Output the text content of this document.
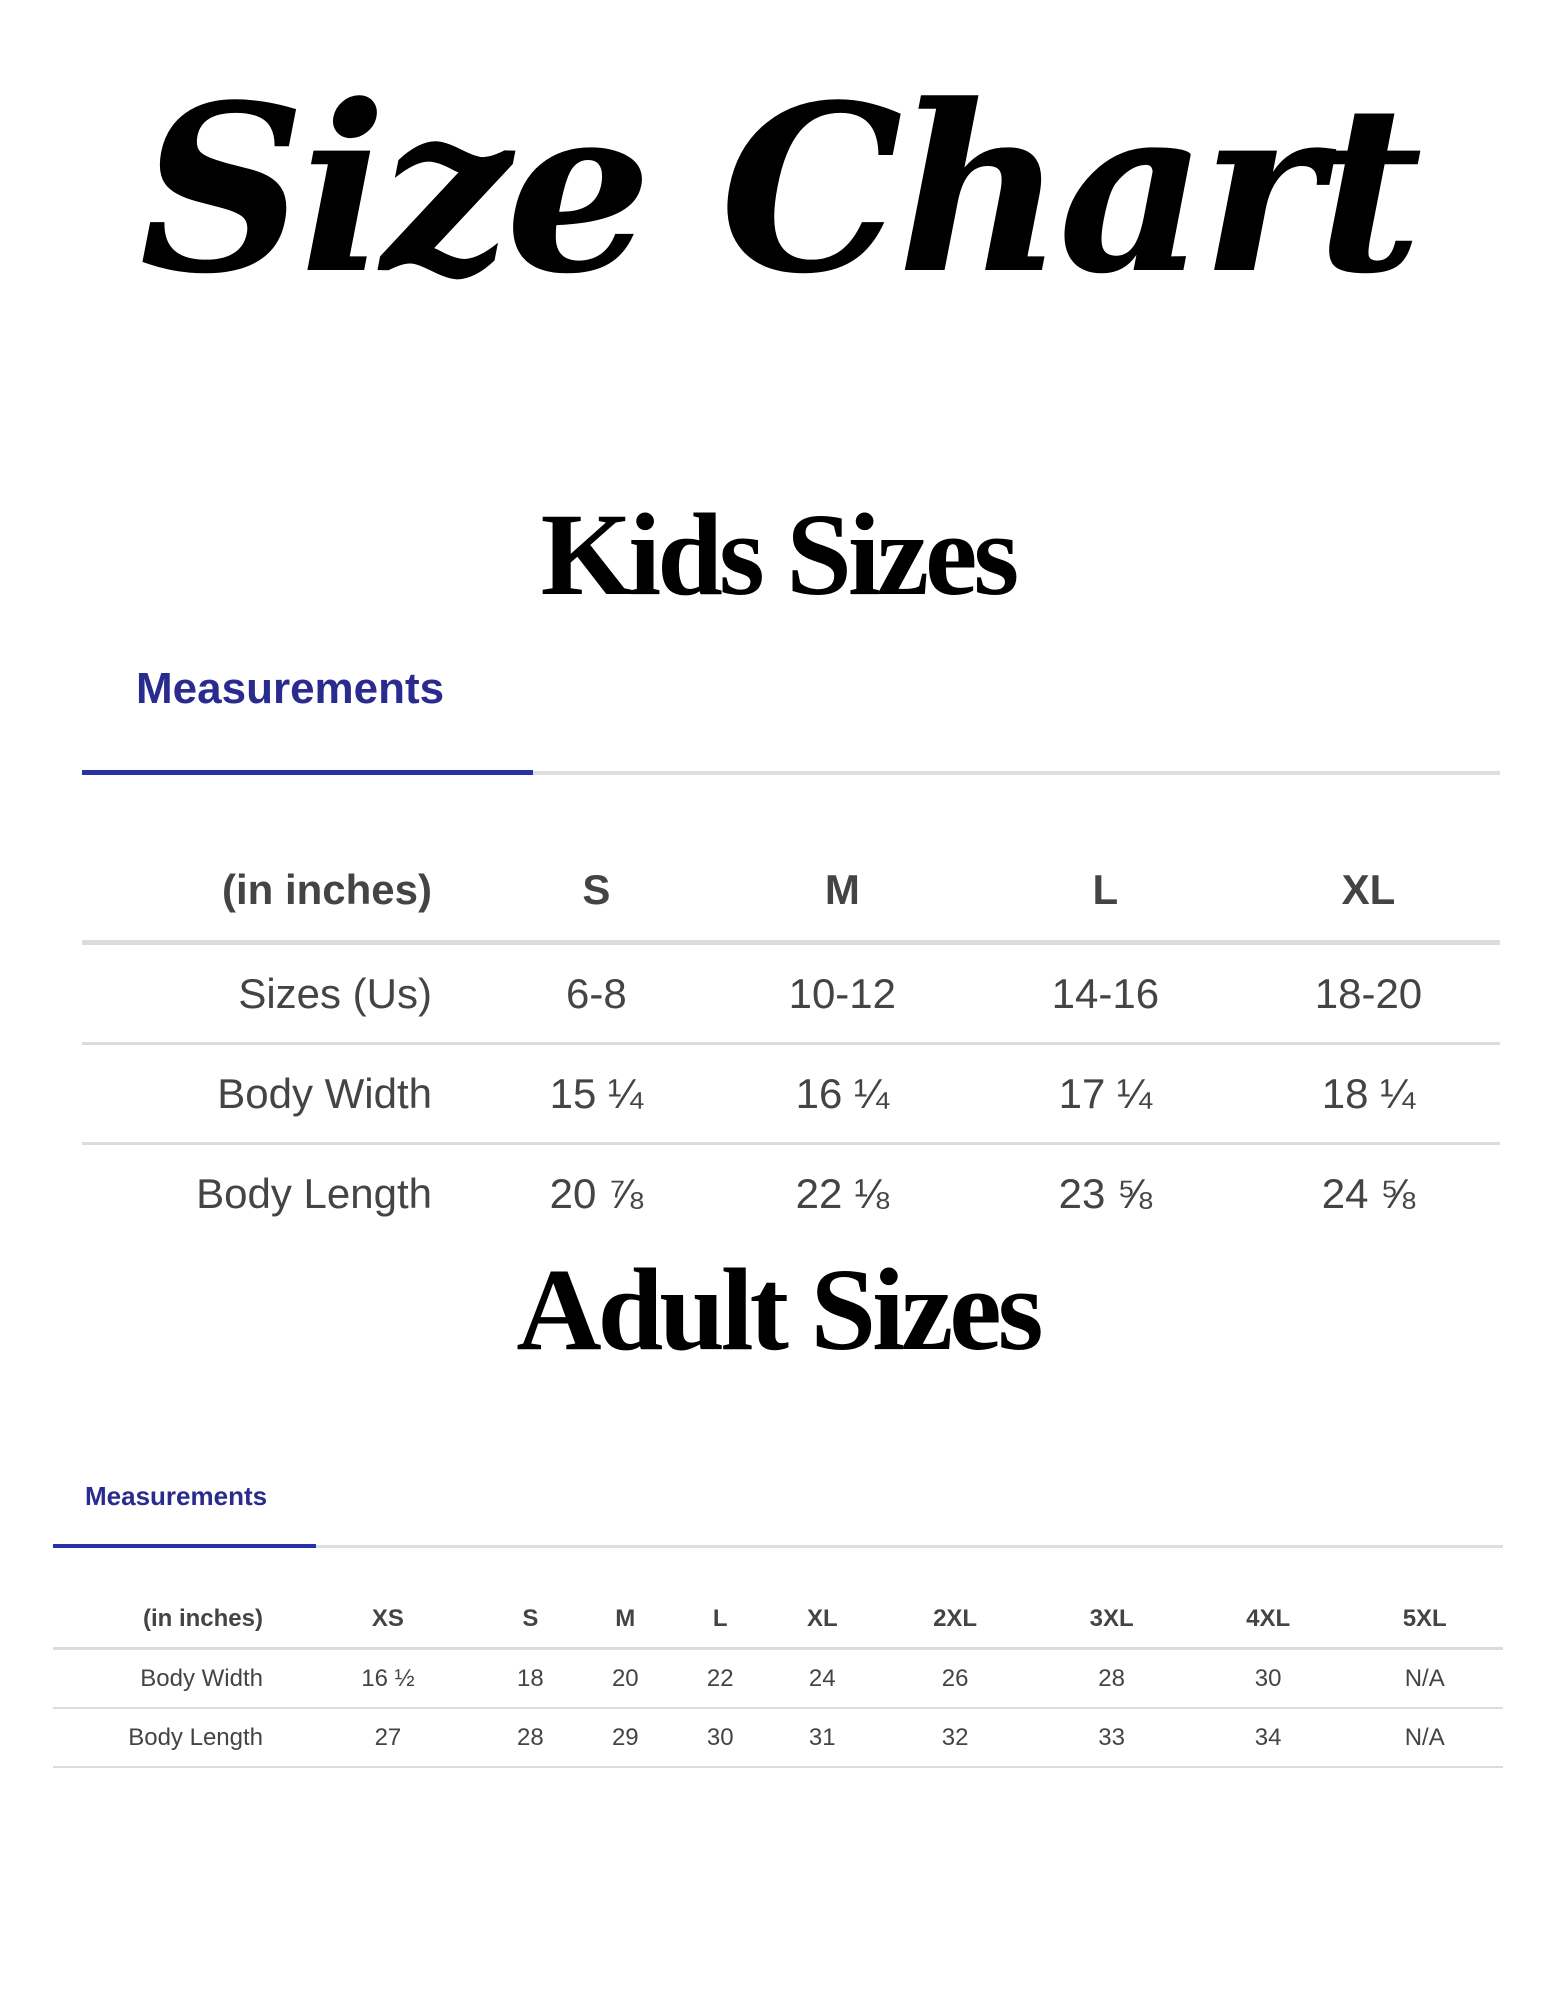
Size Chart
Kids Sizes
Measurements
(in inches)	S	M	L	XL
Sizes (Us)	6-8	10-12	14-16	18-20
Body Width	15 ¼	16 ¼	17 ¼	18 ¼
Body Length	20 ⅞	22 ⅛	23 ⅝	24 ⅝
Adult Sizes
Measurements
(in inches)	XS	S	M	L	XL	2XL	3XL	4XL	5XL
Body Width	16 ½	18	20	22	24	26	28	30	N/A
Body Length	27	28	29	30	31	32	33	34	N/A
